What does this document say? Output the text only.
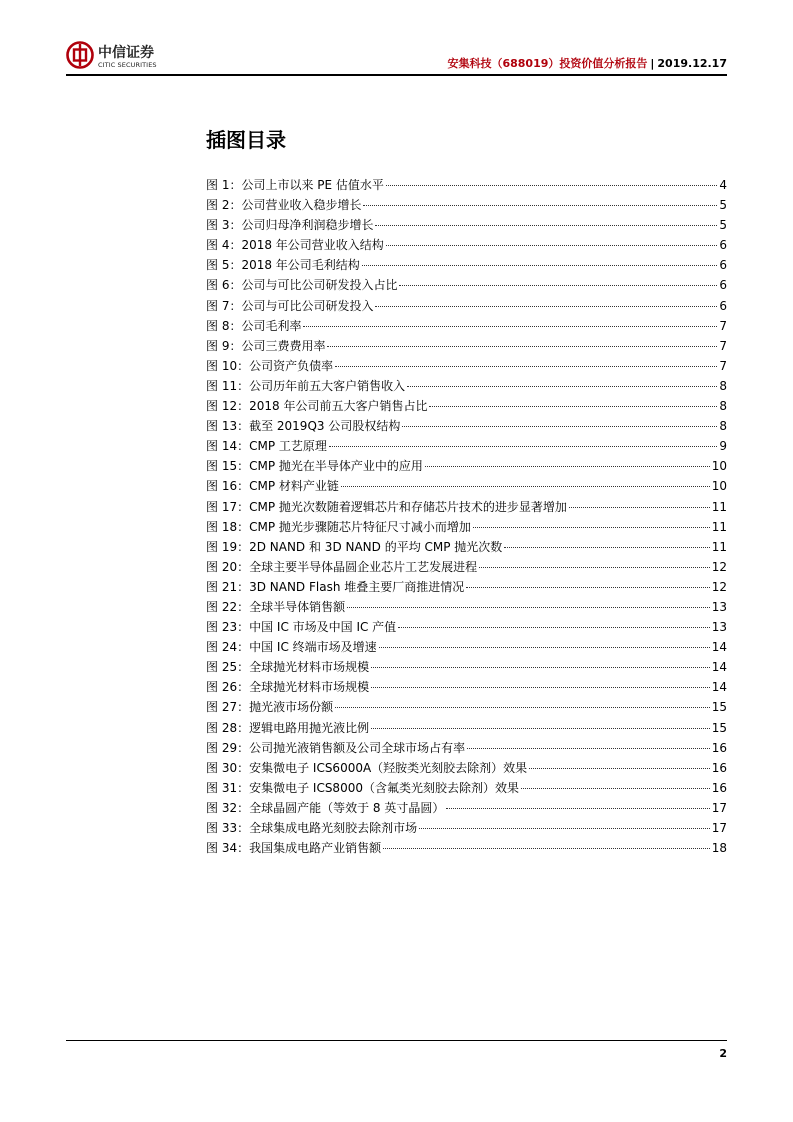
中信证券
CITIC SECURITIES	安集科技（688019）投资价值分析报告 | 2019.12.17
插图目录
图 1：公司上市以来 PE 估值水平	4
图 2：公司营业收入稳步增长	5
图 3：公司归母净利润稳步增长	5
图 4：2018 年公司营业收入结构	6
图 5：2018 年公司毛利结构	6
图 6：公司与可比公司研发投入占比	6
图 7：公司与可比公司研发投入	6
图 8：公司毛利率	7
图 9：公司三费费用率	7
图 10：公司资产负债率	7
图 11：公司历年前五大客户销售收入	8
图 12：2018 年公司前五大客户销售占比	8
图 13：截至 2019Q3 公司股权结构	8
图 14：CMP 工艺原理	9
图 15：CMP 抛光在半导体产业中的应用	10
图 16：CMP 材料产业链	10
图 17：CMP 抛光次数随着逻辑芯片和存储芯片技术的进步显著增加	11
图 18：CMP 抛光步骤随芯片特征尺寸减小而增加	11
图 19：2D NAND 和 3D NAND 的平均 CMP 抛光次数	11
图 20：全球主要半导体晶圆企业芯片工艺发展进程	12
图 21：3D NAND Flash 堆叠主要厂商推进情况	12
图 22：全球半导体销售额	13
图 23：中国 IC 市场及中国 IC 产值	13
图 24：中国 IC 终端市场及增速	14
图 25：全球抛光材料市场规模	14
图 26：全球抛光材料市场规模	14
图 27：抛光液市场份额	15
图 28：逻辑电路用抛光液比例	15
图 29：公司抛光液销售额及公司全球市场占有率	16
图 30：安集微电子 ICS6000A（羟胺类光刻胶去除剂）效果	16
图 31：安集微电子 ICS8000（含氟类光刻胶去除剂）效果	16
图 32：全球晶圆产能（等效于 8 英寸晶圆）	17
图 33：全球集成电路光刻胶去除剂市场	17
图 34：我国集成电路产业销售额	18
2
